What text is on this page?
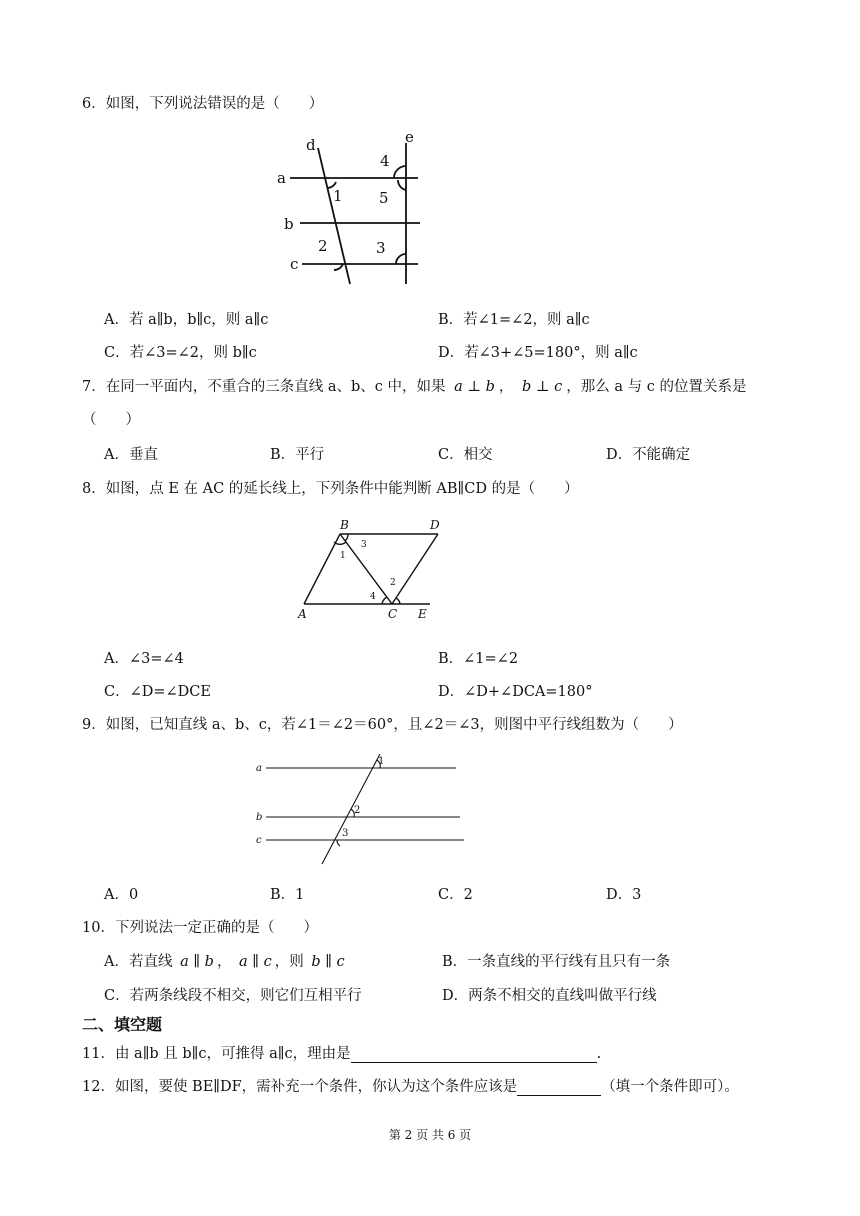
6．如图，下列说法错误的是（　　）
d	e
a
b
c
1
2	3
4
5
A．若 a∥b，b∥c，则 a∥c	B．若∠1=∠2，则 a∥c
C．若∠3=∠2，则 b∥c	D．若∠3+∠5=180°，则 a∥c
7．在同一平面内，不重合的三条直线 a、b、c 中，如果 a ⊥ b ， b ⊥ c ，那么 a 与 c 的位置关系是
（　　）
A．垂直	B．平行	C．相交	D．不能确定
8．如图，点 E 在 AC 的延长线上，下列条件中能判断 AB∥CD 的是（　　）
B	D
A	C E
1
3
2
4
A．∠3=∠4	B．∠1=∠2
C．∠D=∠DCE	D．∠D+∠DCA=180°
9．如图，已知直线 a、b、c，若∠1＝∠2＝60°，且∠2＝∠3，则图中平行线组数为（　　）
a
b
c
1
2
3
A．0	B．1	C．2	D．3
10．下列说法一定正确的是（　　）
A．若直线 a ∥ b ， a ∥ c ，则 b ∥ c	B．一条直线的平行线有且只有一条
C．若两条线段不相交，则它们互相平行	D．两条不相交的直线叫做平行线
二、填空题
11．由 a∥b 且 b∥c，可推得 a∥c，理由是	.
12．如图，要使 BE∥DF，需补充一个条件，你认为这个条件应该是	（填一个条件即可）。
第 2 页 共 6 页
